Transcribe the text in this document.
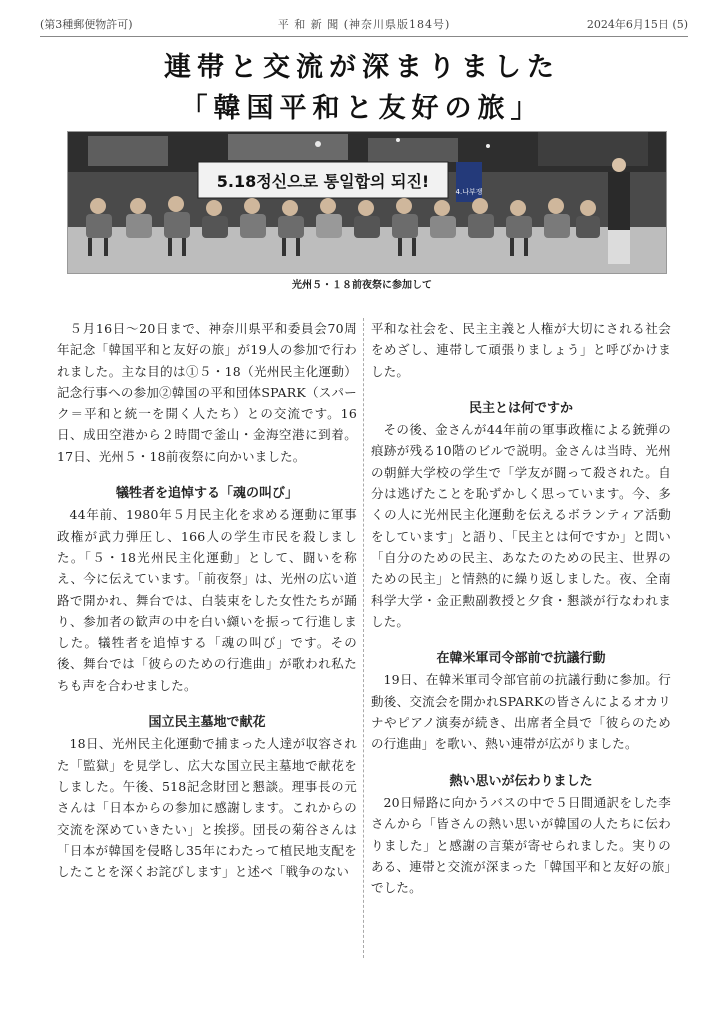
(第3種郵便物許可)	平 和 新 聞 (神奈川県版184号)	2024年6月15日 (5)
連帯と交流が深まりました
「韓国平和と友好の旅」
5.18정신으로 통일합의 되진!
4.나부쟁
光州５・１８前夜祭に参加して

５月16日〜20日まで、神奈川県平和委員会70周年記念「韓国平和と友好の旅」が19人の参加で行われました。主な目的は①５・18（光州民主化運動）記念行事への参加②韓国の平和団体SPARK（スパーク＝平和と統一を開く人たち）との交流です。16日、成田空港から２時間で釜山・金海空港に到着。17日、光州５・18前夜祭に向かいました。

犠牲者を追悼する「魂の叫び」

44年前、1980年５月民主化を求める運動に軍事政権が武力弾圧し、166人の学生市民を殺しました。「５・18光州民主化運動」として、闘いを称え、今に伝えています。「前夜祭」は、光州の広い道路で開かれ、舞台では、白装束をした女性たちが踊り、参加者の歓声の中を白い纐いを振って行進しました。犠牲者を追悼する「魂の叫び」です。その後、舞台では「彼らのための行進曲」が歌われ私たちも声を合わせました。

国立民主墓地で献花

18日、光州民主化運動で捕まった人達が収容された「監獄」を見学し、広大な国立民主墓地で献花をしました。午後、518記念財団と懇談。理事長の元さんは「日本からの参加に感謝します。これからの交流を深めていきたい」と挨拶。団長の菊谷さんは「日本が韓国を侵略し35年にわたって植民地支配をしたことを深くお詫びします」と述べ「戦争のない

平和な社会を、民主主義と人権が大切にされる社会をめざし、連帯して頑張りましょう」と呼びかけました。

民主とは何ですか

その後、金さんが44年前の軍事政権による銃弾の痕跡が残る10階のビルで説明。金さんは当時、光州の朝鮮大学校の学生で「学友が闘って殺された。自分は逃げたことを恥ずかしく思っています。今、多くの人に光州民主化運動を伝えるボランティア活動をしています」と語り、「民主とは何ですか」と問い「自分のための民主、あなたのための民主、世界のための民主」と情熱的に繰り返しました。夜、全南科学大学・金正勲副教授と夕食・懇談が行なわれました。

在韓米軍司令部前で抗議行動

19日、在韓米軍司令部官前の抗議行動に参加。行動後、交流会を開かれSPARKの皆さんによるオカリナやピアノ演奏が続き、出席者全員で「彼らのための行進曲」を歌い、熱い連帯が広がりました。

熱い思いが伝わりました

20日帰路に向かうバスの中で５日間通訳をした李さんから「皆さんの熱い思いが韓国の人たちに伝わりました」と感謝の言葉が寄せられました。実りのある、連帯と交流が深まった「韓国平和と友好の旅」でした。
